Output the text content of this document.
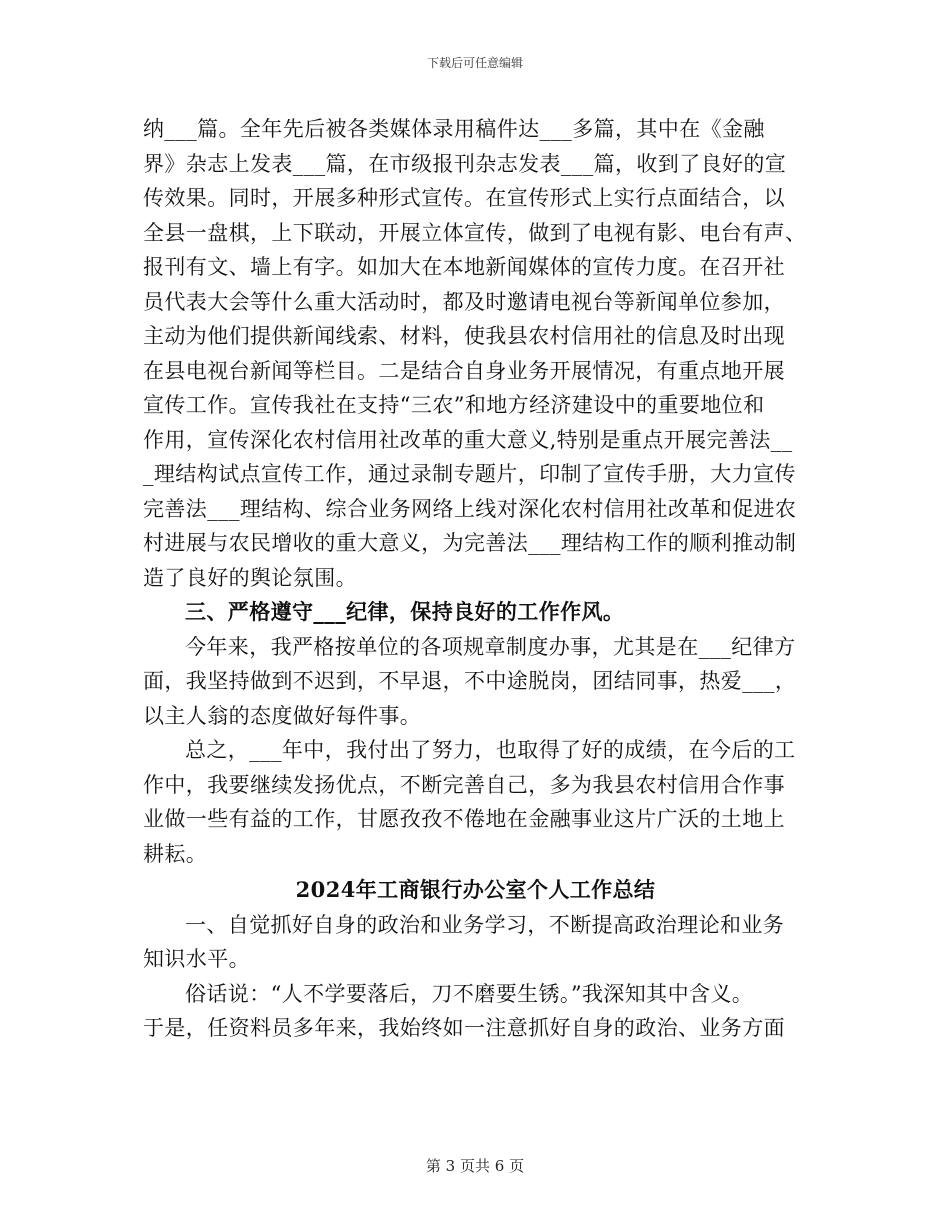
下载后可任意编辑
纳___篇。全年先后被各类媒体录用稿件达___多篇，其中在《金融
界》杂志上发表___篇，在市级报刊杂志发表___篇，收到了良好的宣
传效果。同时，开展多种形式宣传。在宣传形式上实行点面结合，以
全县一盘棋，上下联动，开展立体宣传，做到了电视有影、电台有声、
报刊有文、墙上有字。如加大在本地新闻媒体的宣传力度。在召开社
员代表大会等什么重大活动时，都及时邀请电视台等新闻单位参加，
主动为他们提供新闻线索、材料，使我县农村信用社的信息及时出现
在县电视台新闻等栏目。二是结合自身业务开展情况，有重点地开展
宣传工作。宣传我社在支持“三农”和地方经济建设中的重要地位和
作用，宣传深化农村信用社改革的重大意义,特别是重点开展完善法__
_理结构试点宣传工作，通过录制专题片，印制了宣传手册，大力宣传
完善法___理结构、综合业务网络上线对深化农村信用社改革和促进农
村进展与农民增收的重大意义，为完善法___理结构工作的顺利推动制
造了良好的舆论氛围。
三、严格遵守___纪律，保持良好的工作作风。
今年来，我严格按单位的各项规章制度办事，尤其是在___纪律方
面，我坚持做到不迟到，不早退，不中途脱岗，团结同事，热爱___，
以主人翁的态度做好每件事。
总之，___年中，我付出了努力，也取得了好的成绩，在今后的工
作中，我要继续发扬优点，不断完善自己，多为我县农村信用合作事
业做一些有益的工作，甘愿孜孜不倦地在金融事业这片广沃的土地上
耕耘。
2024年工商银行办公室个人工作总结
一、自觉抓好自身的政治和业务学习，不断提高政治理论和业务
知识水平。
俗话说：“人不学要落后，刀不磨要生锈。”我深知其中含义。
于是，任资料员多年来，我始终如一注意抓好自身的政治、业务方面
第 3 页共 6 页
